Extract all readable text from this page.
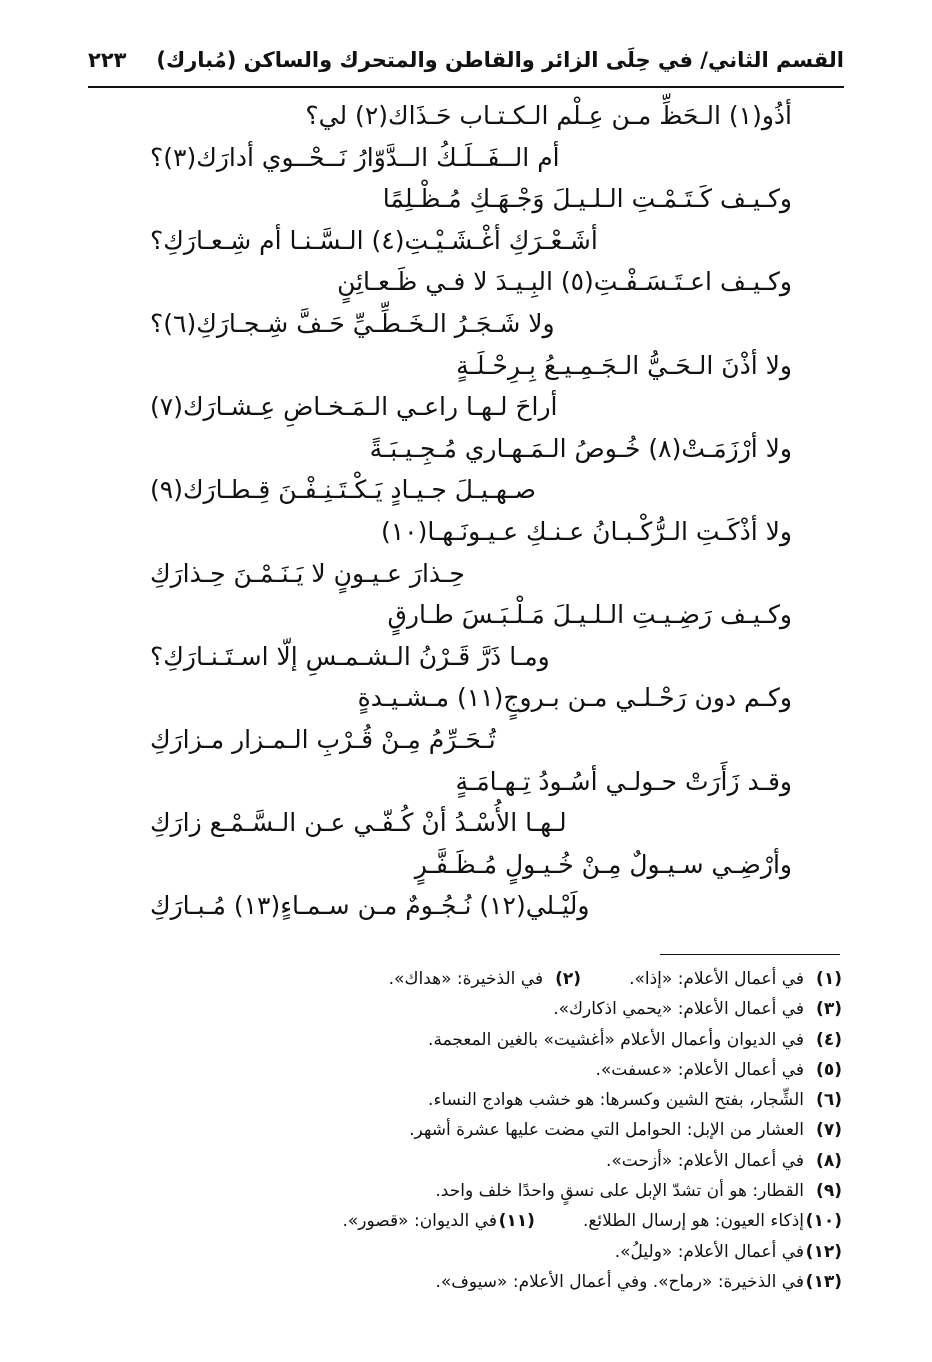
القسم الثاني/ في حِلَى الزائر والقاطن والمتحرك والساكن (مُبارك)
٢٢٣
أذُو(١) الـحَظِّ مـن عِـلْم الـكـتـاب حَـذَاك(٢) لي؟
أم الــفَــلَـكُ الــدَّوّارُ نَــحْــوي أدارَك(٣)؟
وكـيـف كَـتَـمْـتِ الـلـيـلَ وَجْـهَـكِ مُـظْـلِمًا
أشَـعْـرَكِ أغْـشَـيْـتِ(٤) الـسَّـنـا أم شِـعـارَكِ؟
وكـيـف اعـتَـسَـفْـتِ(٥) البِـيـدَ لا فـي ظَـعـائِنٍ
ولا شَـجَـرُ الـخَـطِّـيِّ حَـفَّ شِـجـارَكِ(٦)؟
ولا أذْنَ الـحَـيُّ الـجَـمِـيـعُ بِـرِحْـلَـةٍ
أراحَ لـهـا راعـي الـمَـخـاضِ عِـشـارَك(٧)
ولا أرْزَمَـتْ(٨) خُـوصُ الـمَـهـاري مُـجِـيـبَـةً
صـهـيـلَ جـيـادٍ يَـكْـتَـنِـفْـنَ قِـطـارَك(٩)
ولا أذْكَـتِ الـرُّكْـبـانُ عـنـكِ عـيـونَـهـا(١٠)
حِـذارَ عـيـونٍ لا يَـنَـمْـنَ حِـذارَكِ
وكـيـف رَضِـيـتِ الـلـيـلَ مَـلْـبَـسَ طـارقٍ
ومـا ذَرَّ قَـرْنُ الـشـمـسِ إلّا اسـتَـنـارَكِ؟
وكـم دون رَحْـلـي مـن بـروجٍ(١١) مـشـيـدةٍ
تُـحَـرِّمُ مِـنْ قُـرْبِ الـمـزار مـزارَكِ
وقـد زَأَرَتْ حـولـي أسُـودُ تِـهـامَـةٍ
لـهـا الأُسْـدُ أنْ كُـفّـي عـن الـسَّـمْـع زارَكِ
وأرْضِـي سـيـولٌ مِـنْ خُـيـولٍ مُـظَـفَّـرٍ
ولَيْـلي(١٢) نُـجُـومٌ مـن سـمـاءٍ(١٣) مُـبـارَكِ
(١)في أعمال الأعلام: «إذا».
(٢)في الذخيرة: «هداك».
(٣)في أعمال الأعلام: «يحمي اذكارك».
(٤)في الديوان وأعمال الأعلام «أغشيت» بالغين المعجمة.
(٥)في أعمال الأعلام: «عسفت».
(٦)الشِّجار، بفتح الشين وكسرها: هو خشب هوادج النساء.
(٧)العشار من الإبل: الحوامل التي مضت عليها عشرة أشهر.
(٨)في أعمال الأعلام: «أزحت».
(٩)القطار: هو أن تشدّ الإبل على نسقٍ واحدًا خلف واحد.
(١٠)إذكاء العيون: هو إرسال الطلائع.
(١١)في الديوان: «قصور».
(١٢)في أعمال الأعلام: «وليلُ».
(١٣)في الذخيرة: «رماح». وفي أعمال الأعلام: «سيوف».
